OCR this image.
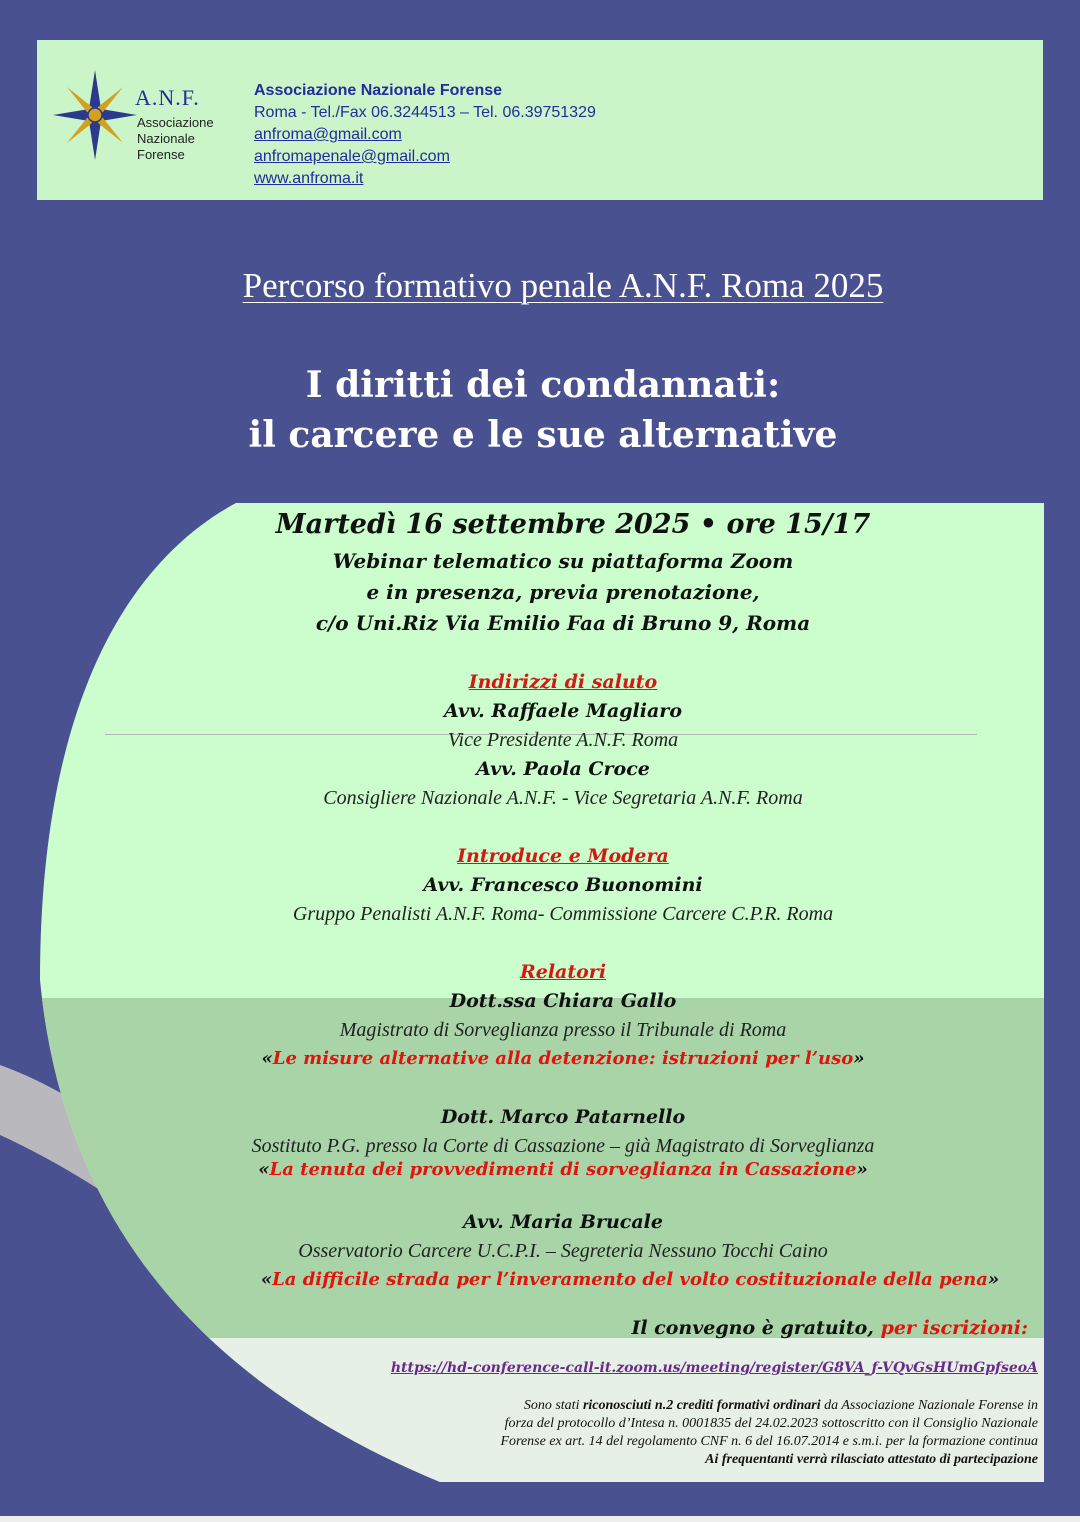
A.N.F.
Associazione
Nazionale
Forense
Associazione Nazionale Forense
Roma - Tel./Fax 06.3244513 – Tel. 06.39751329
anfroma@gmail.com
anfromapenale@gmail.com
www.anfroma.it
Percorso formativo penale A.N.F. Roma 2025
I diritti dei condannati:
il carcere e le sue alternative
Martedì 16 settembre 2025 • ore 15/17
Webinar telematico su piattaforma Zoom
e in presenza, previa prenotazione,
c/o Uni.Riz Via Emilio Faa di Bruno 9, Roma
Indirizzi di saluto
Avv. Raffaele Magliaro
Vice Presidente A.N.F. Roma
Avv. Paola Croce
Consigliere Nazionale A.N.F. - Vice Segretaria A.N.F. Roma
Introduce e Modera
Avv. Francesco Buonomini
Gruppo Penalisti A.N.F. Roma- Commissione Carcere C.P.R. Roma
Relatori
Dott.ssa Chiara Gallo
Magistrato di Sorveglianza presso il Tribunale di Roma
«Le misure alternative alla detenzione: istruzioni per l’uso»
Dott. Marco Patarnello
Sostituto P.G. presso la Corte di Cassazione – già Magistrato di Sorveglianza
«La tenuta dei provvedimenti di sorveglianza in Cassazione»
Avv. Maria Brucale
Osservatorio Carcere U.C.P.I. – Segreteria Nessuno Tocchi Caino
«La difficile strada per l’inveramento del volto costituzionale della pena»
Il convegno è gratuito, per iscrizioni:
https://hd-conference-call-it.zoom.us/meeting/register/G8VA_f-VQvGsHUmGpfseoA
Sono stati riconosciuti n.2 crediti formativi ordinari da Associazione Nazionale Forense in
forza del protocollo d’Intesa n. 0001835 del 24.02.2023 sottoscritto con il Consiglio Nazionale
Forense ex art. 14 del regolamento CNF n. 6 del 16.07.2014 e s.m.i. per la formazione continua
Ai frequentanti verrà rilasciato attestato di partecipazione
